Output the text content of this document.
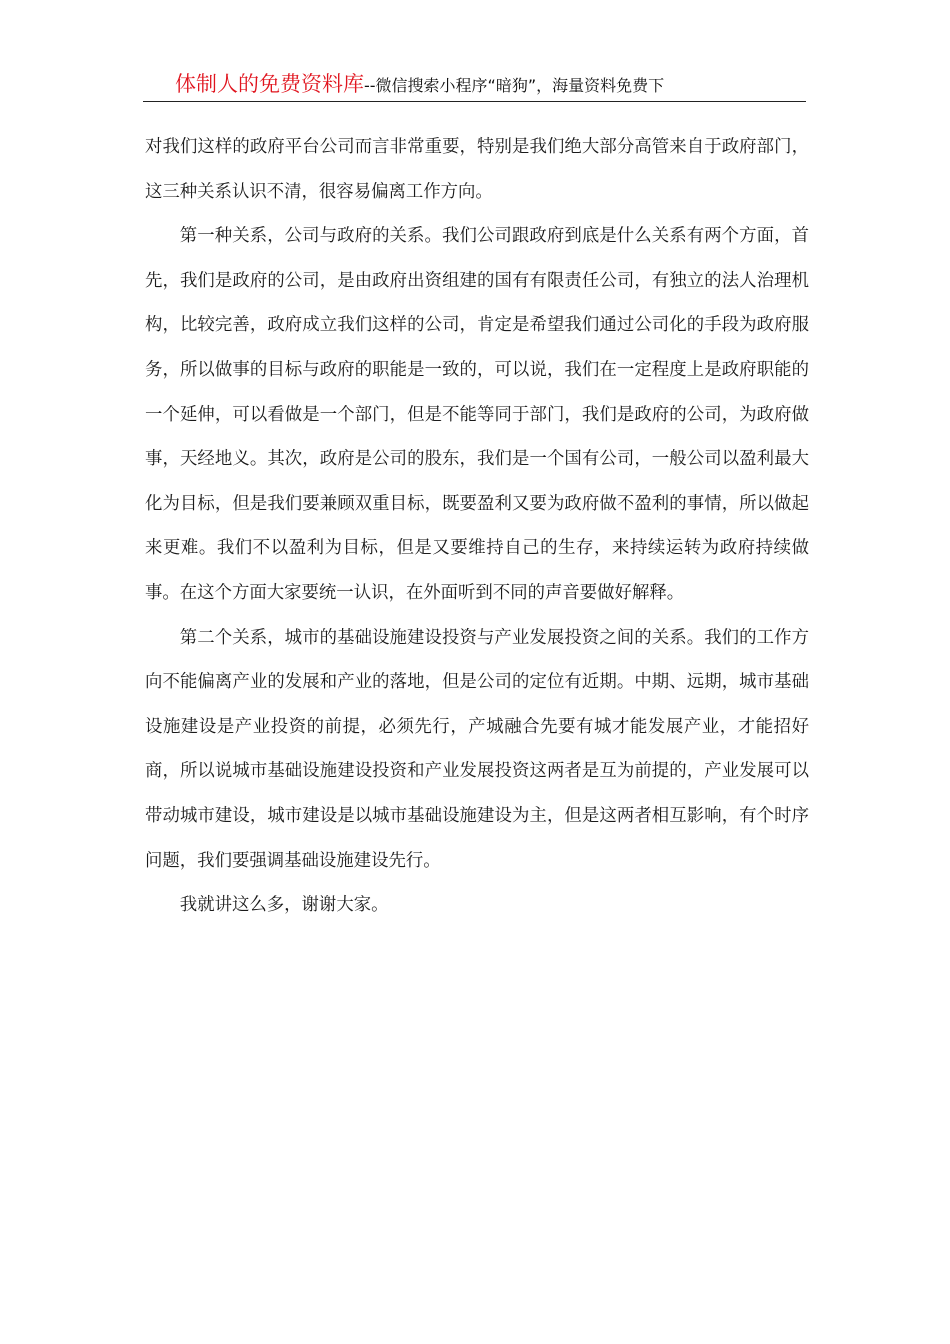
体制人的免费资料库--微信搜索小程序“暗狗”，海量资料免费下

对我们这样的政府平台公司而言非常重要，特别是我们绝大部分高管来自于政府部门，这三种关系认识不清，很容易偏离工作方向。

第一种关系，公司与政府的关系。我们公司跟政府到底是什么关系有两个方面，首先，我们是政府的公司，是由政府出资组建的国有有限责任公司，有独立的法人治理机构，比较完善，政府成立我们这样的公司，肯定是希望我们通过公司化的手段为政府服务，所以做事的目标与政府的职能是一致的，可以说，我们在一定程度上是政府职能的一个延伸，可以看做是一个部门，但是不能等同于部门，我们是政府的公司，为政府做事，天经地义。其次，政府是公司的股东，我们是一个国有公司，一般公司以盈利最大化为目标，但是我们要兼顾双重目标，既要盈利又要为政府做不盈利的事情，所以做起来更难。我们不以盈利为目标，但是又要维持自己的生存，来持续运转为政府持续做事。在这个方面大家要统一认识，在外面听到不同的声音要做好解释。

第二个关系，城市的基础设施建设投资与产业发展投资之间的关系。我们的工作方向不能偏离产业的发展和产业的落地，但是公司的定位有近期。中期、远期，城市基础设施建设是产业投资的前提，必须先行，产城融合先要有城才能发展产业，才能招好商，所以说城市基础设施建设投资和产业发展投资这两者是互为前提的，产业发展可以带动城市建设，城市建设是以城市基础设施建设为主，但是这两者相互影响，有个时序问题，我们要强调基础设施建设先行。

我就讲这么多，谢谢大家。
